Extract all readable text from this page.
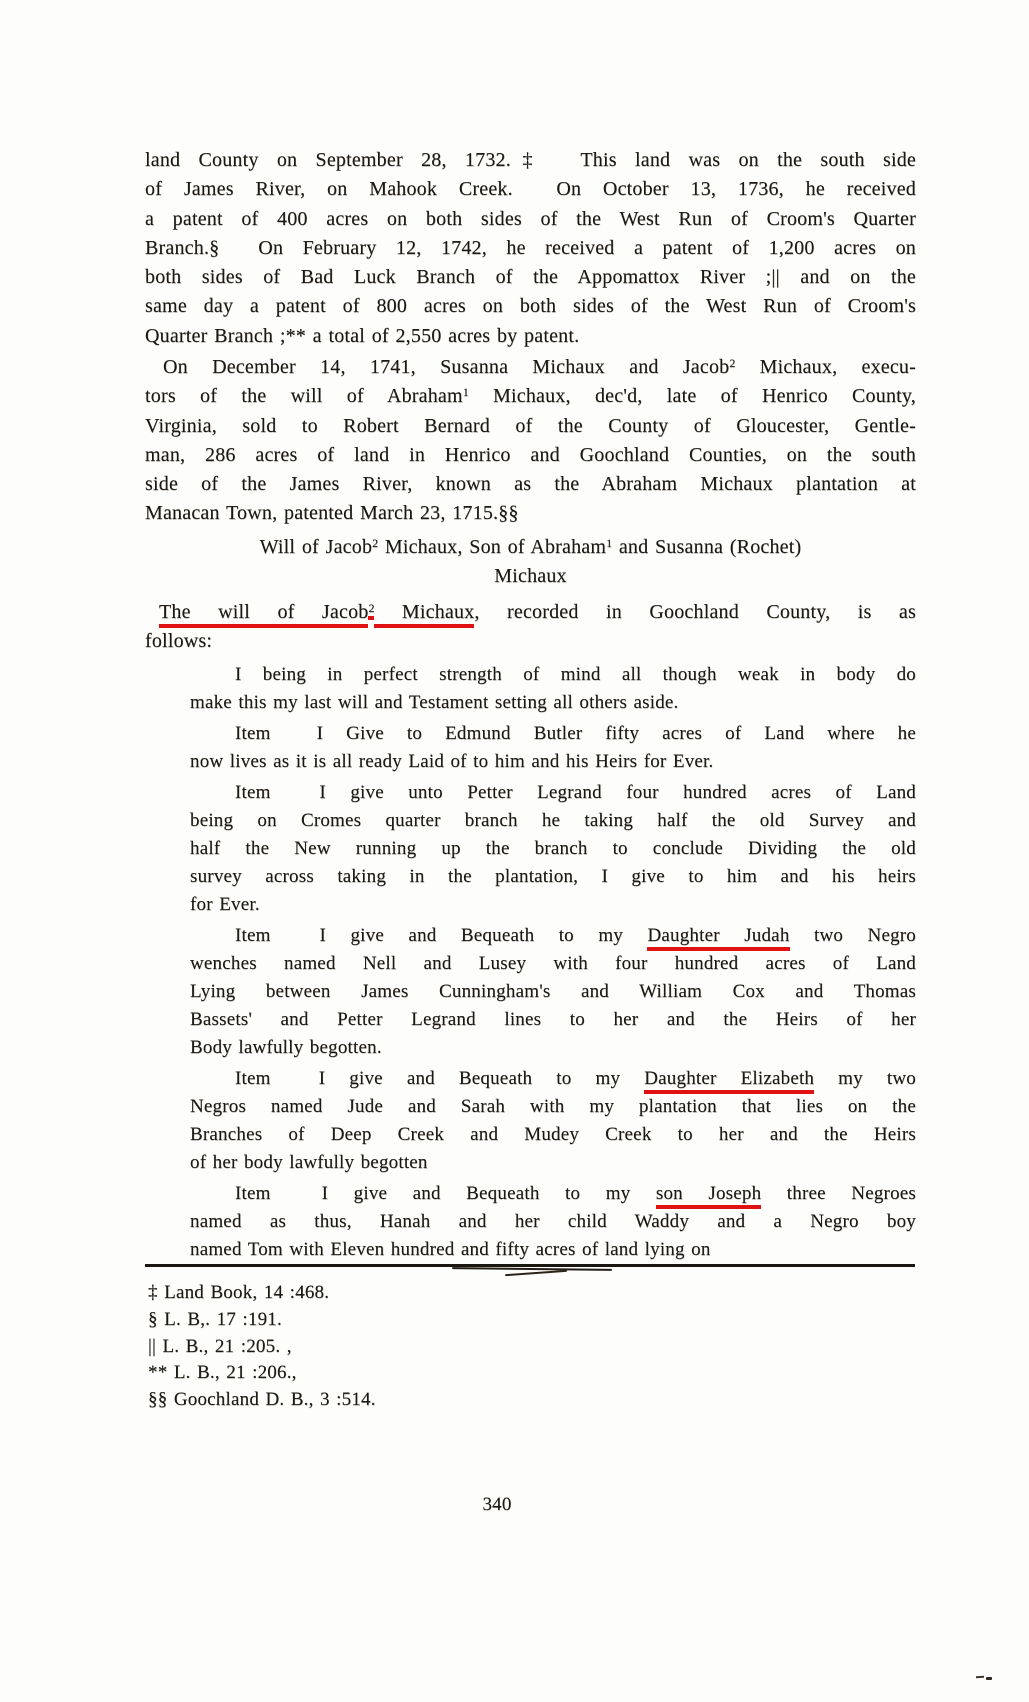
land County on September 28, 1732.‡  This land was on the south side
of James River, on Mahook Creek.  On October 13, 1736, he received
a patent of 400 acres on both sides of the West Run of Croom's Quarter
Branch.§  On February 12, 1742, he received a patent of 1,200 acres on
both sides of Bad Luck Branch of the Appomattox River ;|| and on the
same day a patent of 800 acres on both sides of the West Run of Croom's
Quarter Branch ;** a total of 2,550 acres by patent.
On December 14, 1741, Susanna Michaux and Jacob$^2$ Michaux, execu-
tors of the will of Abraham$^1$ Michaux, dec'd, late of Henrico County,
Virginia, sold to Robert Bernard of the County of Gloucester, Gentle-
man, 286 acres of land in Henrico and Goochland Counties, on the south
side of the James River, known as the Abraham Michaux plantation at
Manacan Town, patented March 23, 1715.§§
Will of Jacob$^2$ Michaux, Son of Abraham$^1$ and Susanna (Rochet)
Michaux
The will of Jacob$^2$ Michaux, recorded in Goochland County, is as
follows:
I being in perfect strength of mind all though weak in body do
make this my last will and Testament setting all others aside.
Item  I Give to Edmund Butler fifty acres of Land where he
now lives as it is all ready Laid of to him and his Heirs for Ever.
Item  I give unto Petter Legrand four hundred acres of Land
being on Cromes quarter branch he taking half the old Survey and
half the New running up the branch to conclude Dividing the old
survey across taking in the plantation, I give to him and his heirs
for Ever.
Item  I give and Bequeath to my Daughter Judah two Negro
wenches named Nell and Lusey with four hundred acres of Land
Lying between James Cunningham's and William Cox and Thomas
Bassets' and Petter Legrand lines to her and the Heirs of her
Body lawfully begotten.
Item  I give and Bequeath to my Daughter Elizabeth my two
Negros named Jude and Sarah with my plantation that lies on the
Branches of Deep Creek and Mudey Creek to her and the Heirs
of her body lawfully begotten
Item  I give and Bequeath to my son Joseph three Negroes
named as thus, Hanah and her child Waddy and a Negro boy
named Tom with Eleven hundred and fifty acres of land lying on
‡ Land Book, 14 :468.
§ L. B,. 17 :191.
|| L. B., 21 :205. ,
** L. B., 21 :206.,
§§ Goochland D. B., 3 :514.
340
